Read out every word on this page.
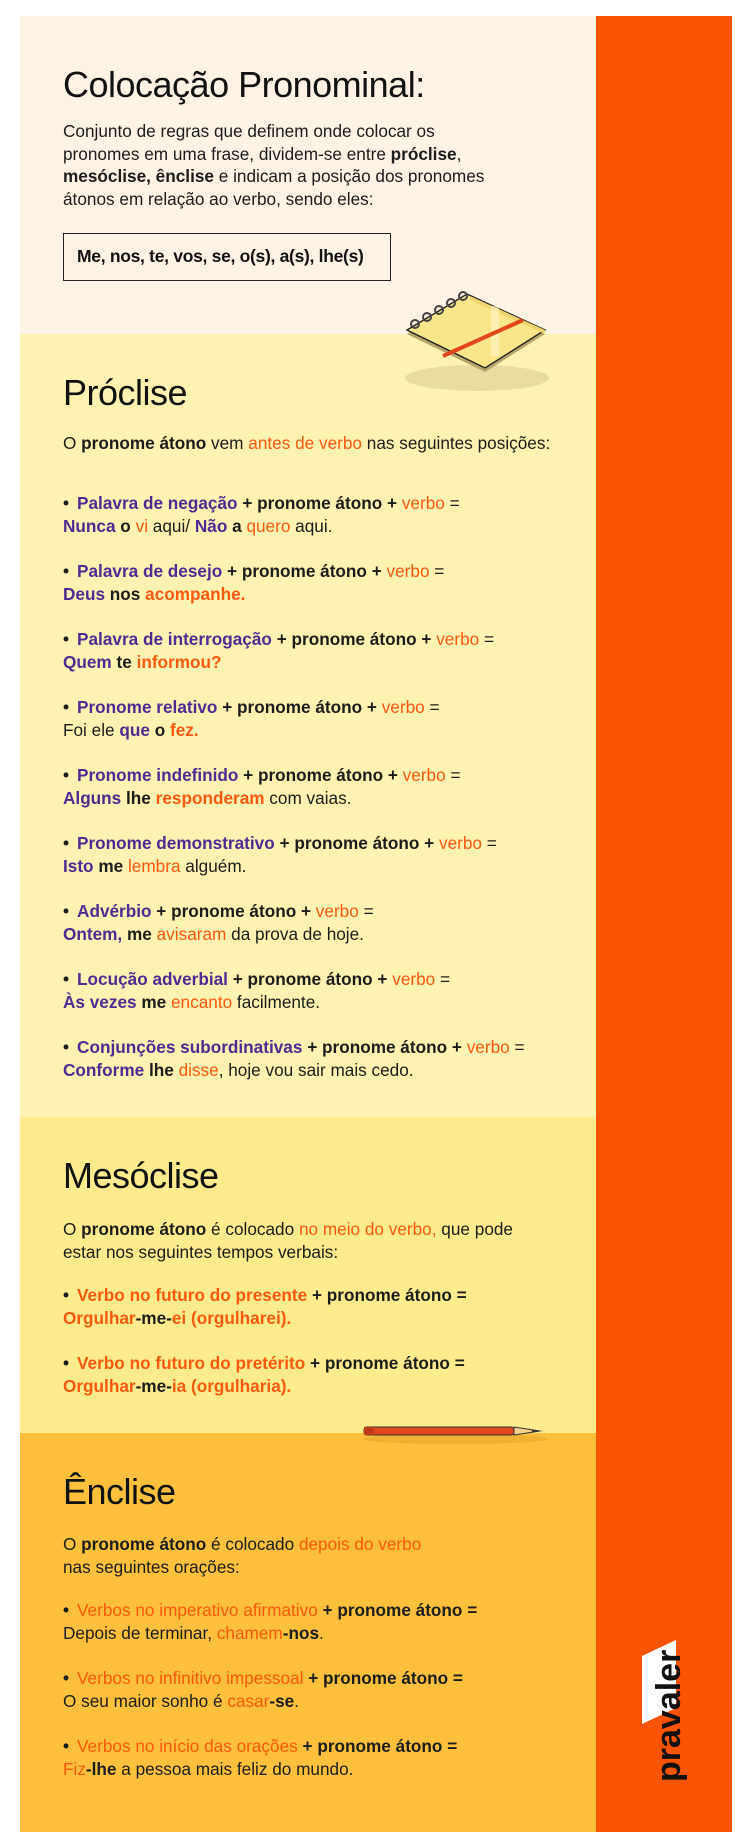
Colocação Pronominal:
Conjunto de regras que definem onde colocar os pronomes em uma frase, dividem-se entre próclise, mesóclise, ênclise e indicam a posição dos pronomes átonos em relação ao verbo, sendo eles:
Me, nos, te, vos, se, o(s), a(s), lhe(s)
Próclise
O pronome átono vem antes de verbo nas seguintes posições:
• Palavra de negação + pronome átono + verbo =
Nunca o vi aqui/ Não a quero aqui.
• Palavra de desejo + pronome átono + verbo =
Deus nos acompanhe.
• Palavra de interrogação + pronome átono + verbo =
Quem te informou?
• Pronome relativo + pronome átono + verbo =
Foi ele que o fez.
• Pronome indefinido + pronome átono + verbo =
Alguns lhe responderam com vaias.
• Pronome demonstrativo + pronome átono + verbo =
Isto me lembra alguém.
• Advérbio + pronome átono + verbo =
Ontem, me avisaram da prova de hoje.
• Locução adverbial + pronome átono + verbo =
Às vezes me encanto facilmente.
• Conjunções subordinativas + pronome átono + verbo =
Conforme lhe disse, hoje vou sair mais cedo.
Mesóclise
O pronome átono é colocado no meio do verbo, que pode estar nos seguintes tempos verbais:
• Verbo no futuro do presente + pronome átono =
Orgulhar-me-ei (orgulharei).
• Verbo no futuro do pretérito + pronome átono =
Orgulhar-me-ia (orgulharia).
Ênclise
O pronome átono é colocado depois do verbo nas seguintes orações:
• Verbos no imperativo afirmativo + pronome átono =
Depois de terminar, chamem-nos.
• Verbos no infinitivo impessoal + pronome átono =
O seu maior sonho é casar-se.
• Verbos no início das orações + pronome átono =
Fiz-lhe a pessoa mais feliz do mundo.	pravaler
